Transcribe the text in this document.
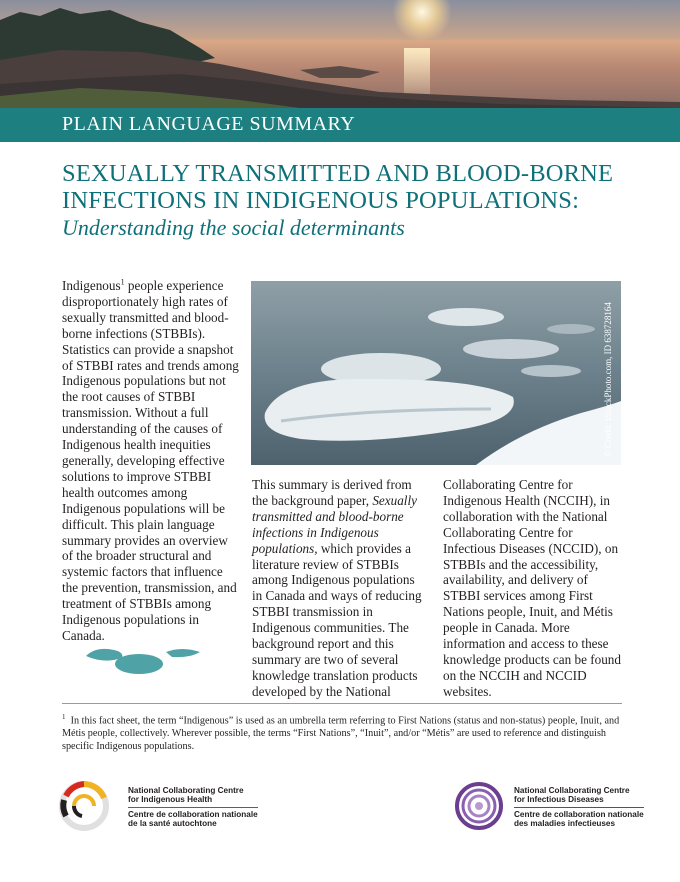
PLAIN LANGUAGE SUMMARY
SEXUALLY TRANSMITTED AND BLOOD-BORNE
INFECTIONS IN INDIGENOUS POPULATIONS:
Understanding the social determinants
Indigenous$^1$ people experience disproportionately high rates of sexually transmitted and blood-borne infections (STBBIs). Statistics can provide a snapshot of STBBI rates and trends among Indigenous populations but not the root causes of STBBI transmission. Without a full understanding of the causes of Indigenous health inequities generally, developing effective solutions to improve STBBI health outcomes among Indigenous populations will be difficult. This plain language summary provides an overview of the broader structural and systemic factors that influence the prevention, transmission, and treatment of STBBIs among Indigenous populations in Canada.
© Credit: iStockPhoto.com, ID 638728164
This summary is derived from the background paper, Sexually transmitted and blood-borne infections in Indigenous populations, which provides a literature review of STBBIs among Indigenous populations in Canada and ways of reducing STBBI transmission in Indigenous communities. The background report and this summary are two of several knowledge translation products developed by the National
Collaborating Centre for Indigenous Health (NCCIH), in collaboration with the National Collaborating Centre for Infectious Diseases (NCCID), on STBBIs and the accessibility, availability, and delivery of STBBI services among First Nations people, Inuit, and Métis people in Canada. More information and access to these knowledge products can be found on the NCCIH and NCCID websites.
$^1$ In this fact sheet, the term “Indigenous” is used as an umbrella term referring to First Nations (status and non-status) people, Inuit, and Métis people, collectively. Wherever possible, the terms “First Nations”, “Inuit”, and/or “Métis” are used to reference and distinguish specific Indigenous populations.
National Collaborating Centre
for Indigenous Health
Centre de collaboration nationale
de la santé autochtone
National Collaborating Centre
for Infectious Diseases
Centre de collaboration nationale
des maladies infectieuses
